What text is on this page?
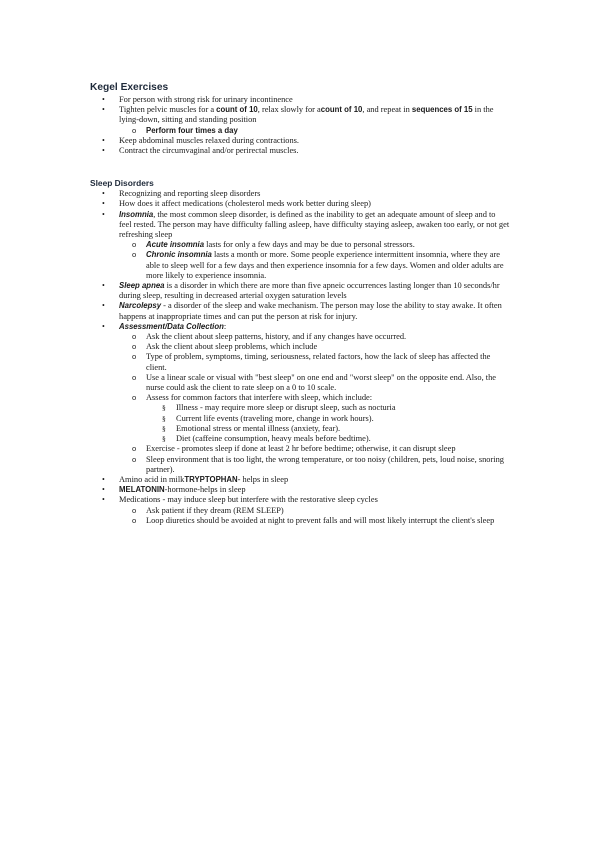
Kegel Exercises
• For person with strong risk for urinary incontinence
• Tighten pelvic muscles for a count of 10, relax slowly for acount of 10, and repeat in sequences of 15 in the lying-down, sitting and standing position
o Perform four times a day
• Keep abdominal muscles relaxed during contractions.
• Contract the circumvaginal and/or perirectal muscles.
Sleep Disorders
• Recognizing and reporting sleep disorders
• How does it affect medications (cholesterol meds work better during sleep)
• Insomnia, the most common sleep disorder, is defined as the inability to get an adequate amount of sleep and to feel rested. The person may have difficulty falling asleep, have difficulty staying asleep, awaken too early, or not get refreshing sleep
o Acute insomnia lasts for only a few days and may be due to personal stressors.
o Chronic insomnia lasts a month or more. Some people experience intermittent insomnia, where they are able to sleep well for a few days and then experience insomnia for a few days. Women and older adults are more likely to experience insomnia.
• Sleep apnea is a disorder in which there are more than five apneic occurrences lasting longer than 10 seconds/hr during sleep, resulting in decreased arterial oxygen saturation levels
• Narcolepsy - a disorder of the sleep and wake mechanism. The person may lose the ability to stay awake. It often happens at inappropriate times and can put the person at risk for injury.
• Assessment/Data Collection:
o Ask the client about sleep patterns, history, and if any changes have occurred.
o Ask the client about sleep problems, which include
o Type of problem, symptoms, timing, seriousness, related factors, how the lack of sleep has affected the client.
o Use a linear scale or visual with "best sleep" on one end and "worst sleep" on the opposite end. Also, the nurse could ask the client to rate sleep on a 0 to 10 scale.
o Assess for common factors that interfere with sleep, which include:
§ Illness - may require more sleep or disrupt sleep, such as nocturia
§ Current life events (traveling more, change in work hours).
§ Emotional stress or mental illness (anxiety, fear).
§ Diet (caffeine consumption, heavy meals before bedtime).
o Exercise - promotes sleep if done at least 2 hr before bedtime; otherwise, it can disrupt sleep
o Sleep environment that is too light, the wrong temperature, or too noisy (children, pets, loud noise, snoring partner).
• Amino acid in milkTRYPTOPHAN- helps in sleep
• MELATONIN-hormone-helps in sleep
• Medications - may induce sleep but interfere with the restorative sleep cycles
o Ask patient if they dream (REM SLEEP)
o Loop diuretics should be avoided at night to prevent falls and will most likely interrupt the client's sleep
